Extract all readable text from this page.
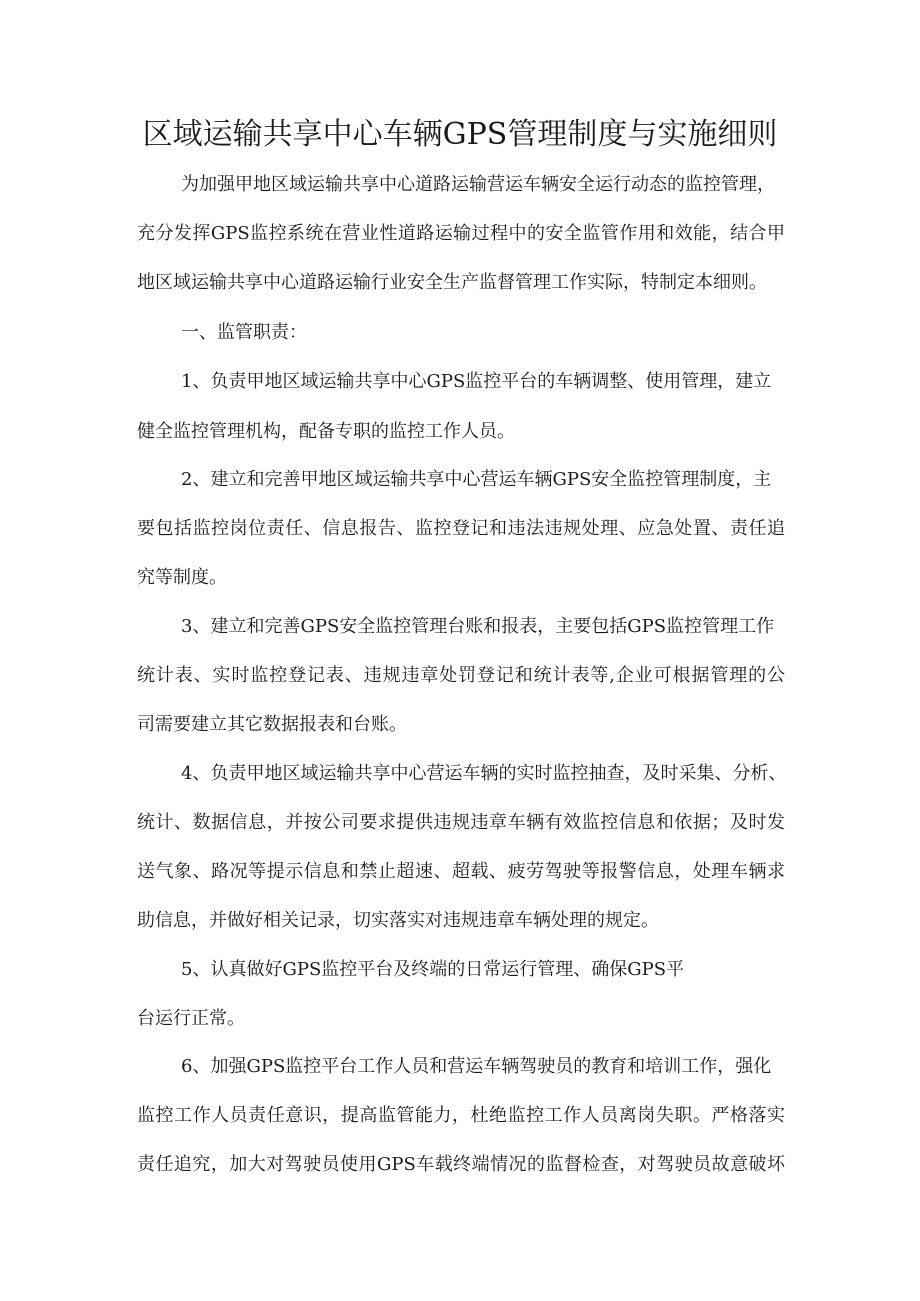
区域运输共享中心车辆GPS管理制度与实施细则
为加强甲地区域运输共享中心道路运输营运车辆安全运行动态的监控管理，
充分发挥GPS监控系统在营业性道路运输过程中的安全监管作用和效能，结合甲
地区域运输共享中心道路运输行业安全生产监督管理工作实际，特制定本细则。
一、监管职责：
1、负责甲地区域运输共享中心GPS监控平台的车辆调整、使用管理，建立
健全监控管理机构，配备专职的监控工作人员。
2、建立和完善甲地区域运输共享中心营运车辆GPS安全监控管理制度，主
要包括监控岗位责任、信息报告、监控登记和违法违规处理、应急处置、责任追
究等制度。
3、建立和完善GPS安全监控管理台账和报表，主要包括GPS监控管理工作
统计表、实时监控登记表、违规违章处罚登记和统计表等,企业可根据管理的公
司需要建立其它数据报表和台账。
4、负责甲地区域运输共享中心营运车辆的实时监控抽查，及时采集、分析、
统计、数据信息，并按公司要求提供违规违章车辆有效监控信息和依据；及时发
送气象、路况等提示信息和禁止超速、超载、疲劳驾驶等报警信息，处理车辆求
助信息，并做好相关记录，切实落实对违规违章车辆处理的规定。
5、认真做好GPS监控平台及终端的日常运行管理、确保GPS平
台运行正常。
6、加强GPS监控平台工作人员和营运车辆驾驶员的教育和培训工作，强化
监控工作人员责任意识，提高监管能力，杜绝监控工作人员离岗失职。严格落实
责任追究，加大对驾驶员使用GPS车载终端情况的监督检查，对驾驶员故意破坏
